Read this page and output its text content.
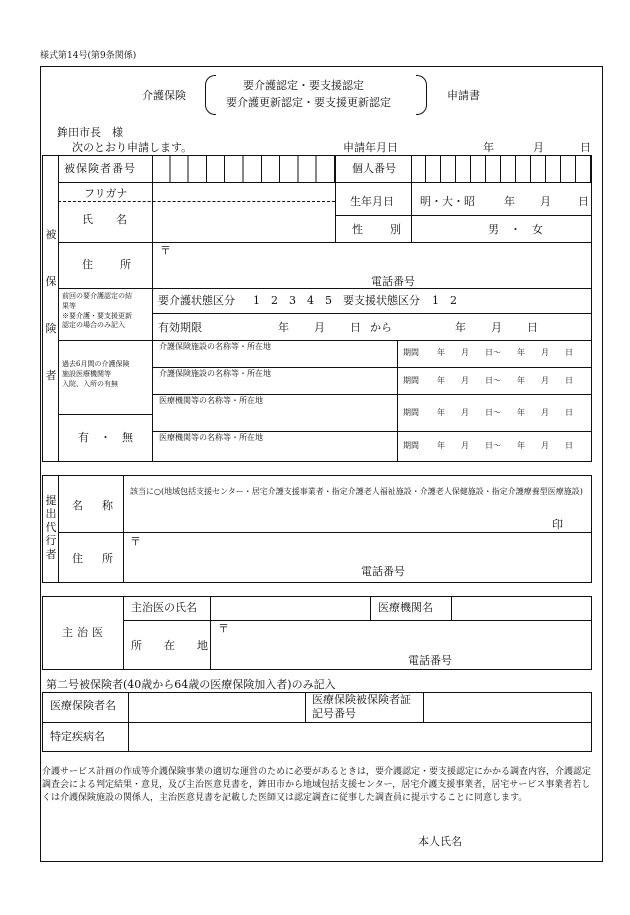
様式第14号(第9条関係)
介護保険
要介護認定・要支援認定
要介護更新認定・要支援更新認定
申請書
鉾田市長　様
次のとおり申請します。	申請年月日	年	月	日
被
保
険
者
被保険者番号	個人番号
フリガナ
氏　名
生年月日 明・大・昭	年 月 日
性　別	男　・　女
住　所
〒
電話番号
前回の要介護認定の結
果等
※要介護・要支援更新
認定の場合のみ記入
要介護状態区分 1　2　3　4　5 要支援状態区分 1　2
有効期限	年 月 日 から	年 月 日
過去6月間の介護保険
施設医療機関等
入院、入所の有無
有　・　無
介護保険施設の名称等・所在地
期間 年　　月　　日～　　年　　月　　日
介護保険施設の名称等・所在地
期間 年　　月　　日～　　年　　月　　日
医療機関等の名称等・所在地
期間 年　　月　　日～　　年　　月　　日
医療機関等の名称等・所在地
期間 年　　月　　日～　　年　　月　　日
提
出
代
行
者
名　称
該当に○(地域包括支援センター・居宅介護支援事業者・指定介護老人福祉施設・介護老人保健施設・指定介護療養型医療施設)
印
住　所
〒
電話番号
主治医
主治医の氏名	医療機関名
所　　在　　地
〒
電話番号
第二号被保険者(40歳から64歳の医療保険加入者)のみ記入
医療保険者名	医療保険被保険者証
記号番号
特定疾病名
介護サービス計画の作成等介護保険事業の適切な運営のために必要があるときは，要介護認定・要支援認定にかかる調査内容，介護認定調査会による判定結果・意見，及び主治医意見書を，鉾田市から地域包括支援センター，居宅介護支援事業者，居宅サービス事業者若しくは介護保険施設の関係人，主治医意見書を記載した医師又は認定調査に従事した調査員に提示することに同意します。
本人氏名
